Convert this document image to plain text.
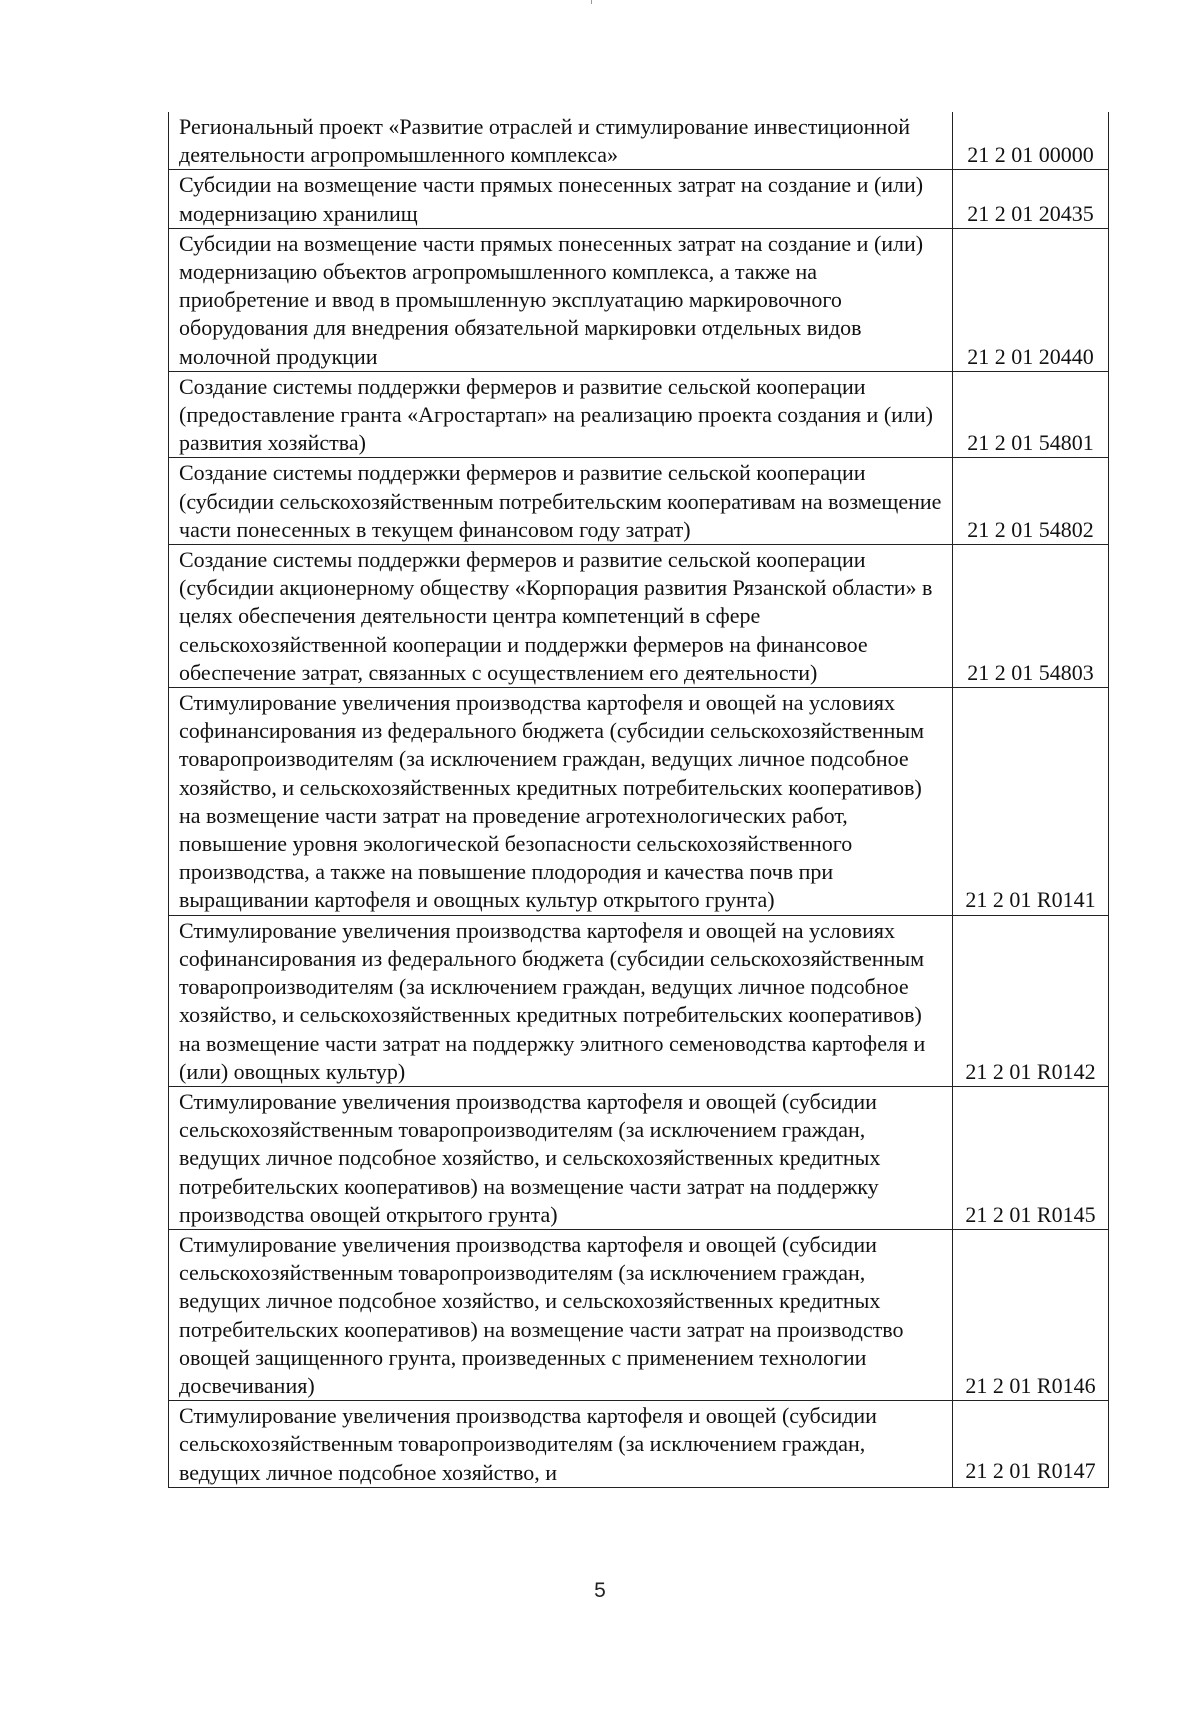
Региональный проект «Развитие отраслей и стимулирование инвестиционной деятельности агропромышленного комплекса»	21 2 01 00000
Субсидии на возмещение части прямых понесенных затрат на создание и (или) модернизацию хранилищ	21 2 01 20435
Субсидии на возмещение части прямых понесенных затрат на создание и (или) модернизацию объектов агропромышленного комплекса, а также на приобретение и ввод в промышленную эксплуатацию маркировочного оборудования для внедрения обязательной маркировки отдельных видов молочной продукции	21 2 01 20440
Создание системы поддержки фермеров и развитие сельской кооперации (предоставление гранта «Агростартап» на реализацию проекта создания и (или) развития хозяйства)	21 2 01 54801
Создание системы поддержки фермеров и развитие сельской кооперации (субсидии сельскохозяйственным потребительским кооперативам на возмещение части понесенных в текущем финансовом году затрат)	21 2 01 54802
Создание системы поддержки фермеров и развитие сельской кооперации (субсидии акционерному обществу «Корпорация развития Рязанской области» в целях обеспечения деятельности центра компетенций в сфере сельскохозяйственной кооперации и поддержки фермеров на финансовое обеспечение затрат, связанных с осуществлением его деятельности)	21 2 01 54803
Стимулирование увеличения производства картофеля и овощей на условиях софинансирования из федерального бюджета (субсидии сельскохозяйственным товаропроизводителям (за исключением граждан, ведущих личное подсобное хозяйство, и сельскохозяйственных кредитных потребительских кооперативов) на возмещение части затрат на проведение агротехнологических работ, повышение уровня экологической безопасности сельскохозяйственного производства, а также на повышение плодородия и качества почв при выращивании картофеля и овощных культур открытого грунта)	21 2 01 R0141
Стимулирование увеличения производства картофеля и овощей на условиях софинансирования из федерального бюджета (субсидии сельскохозяйственным товаропроизводителям (за исключением граждан, ведущих личное подсобное хозяйство, и сельскохозяйственных кредитных потребительских кооперативов) на возмещение части затрат на поддержку элитного семеноводства картофеля и (или) овощных культур)	21 2 01 R0142
Стимулирование увеличения производства картофеля и овощей (субсидии сельскохозяйственным товаропроизводителям (за исключением граждан, ведущих личное подсобное хозяйство, и сельскохозяйственных кредитных потребительских кооперативов) на возмещение части затрат на поддержку производства овощей открытого грунта)	21 2 01 R0145
Стимулирование увеличения производства картофеля и овощей (субсидии сельскохозяйственным товаропроизводителям (за исключением граждан, ведущих личное подсобное хозяйство, и сельскохозяйственных кредитных потребительских кооперативов) на возмещение части затрат на производство овощей защищенного грунта, произведенных с применением технологии досвечивания)	21 2 01 R0146
Стимулирование увеличения производства картофеля и овощей (субсидии сельскохозяйственным товаропроизводителям (за исключением граждан, ведущих личное подсобное хозяйство, и	21 2 01 R0147
5
